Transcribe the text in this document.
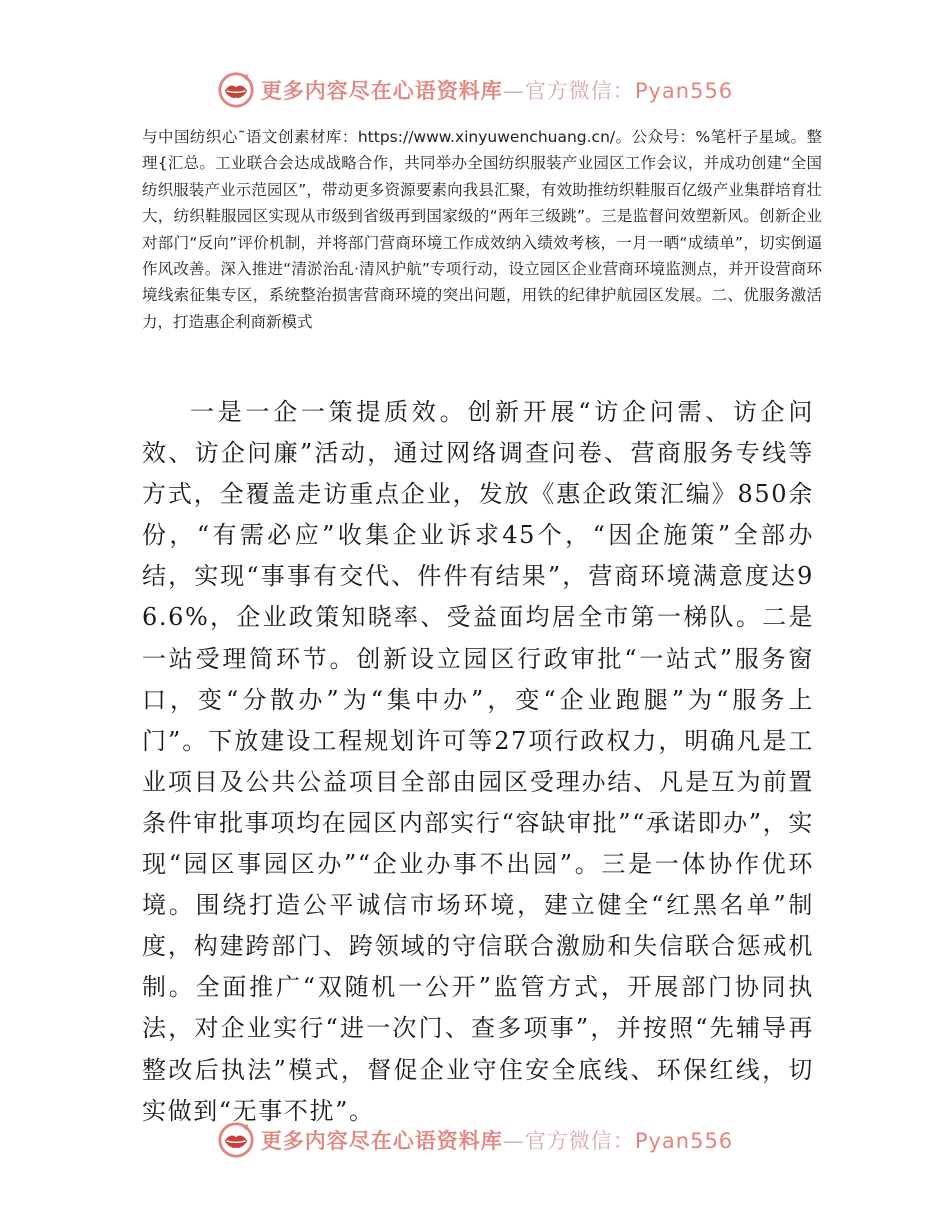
更多内容尽在心语资料库—官方微信：Pyan556
与中国纺织心˜语文创素材库：https://www.xinyuwenchuang.cn/。公众号：%笔杆子星域。整理{汇总。工业联合会达成战略合作，共同举办全国纺织服装产业园区工作会议，并成功创建“全国纺织服装产业示范园区”，带动更多资源要素向我县汇聚，有效助推纺织鞋服百亿级产业集群培育壮大，纺织鞋服园区实现从市级到省级再到国家级的“两年三级跳”。三是监督问效塑新风。创新企业对部门“反向”评价机制，并将部门营商环境工作成效纳入绩效考核，一月一晒“成绩单”，切实倒逼作风改善。深入推进“清淤治乱·清风护航”专项行动，设立园区企业营商环境监测点，并开设营商环境线索征集专区，系统整治损害营商环境的突出问题，用铁的纪律护航园区发展。二、优服务激活力，打造惠企利商新模式
一是一企一策提质效。创新开展“访企问需、访企问效、访企问廉”活动，通过网络调查问卷、营商服务专线等方式，全覆盖走访重点企业，发放《惠企政策汇编》850余份，“有需必应”收集企业诉求45个，“因企施策”全部办结，实现“事事有交代、件件有结果”，营商环境满意度达96.6%，企业政策知晓率、受益面均居全市第一梯队。二是一站受理简环节。创新设立园区行政审批“一站式”服务窗口，变“分散办”为“集中办”，变“企业跑腿”为“服务上门”。下放建设工程规划许可等27项行政权力，明确凡是工业项目及公共公益项目全部由园区受理办结、凡是互为前置条件审批事项均在园区内部实行“容缺审批”“承诺即办”，实现“园区事园区办”“企业办事不出园”。三是一体协作优环境。围绕打造公平诚信市场环境，建立健全“红黑名单”制度，构建跨部门、跨领域的守信联合激励和失信联合惩戒机制。全面推广“双随机一公开”监管方式，开展部门协同执法，对企业实行“进一次门、查多项事”，并按照“先辅导再整改后执法”模式，督促企业守住安全底线、环保红线，切实做到“无事不扰”。
更多内容尽在心语资料库—官方微信：Pyan556
